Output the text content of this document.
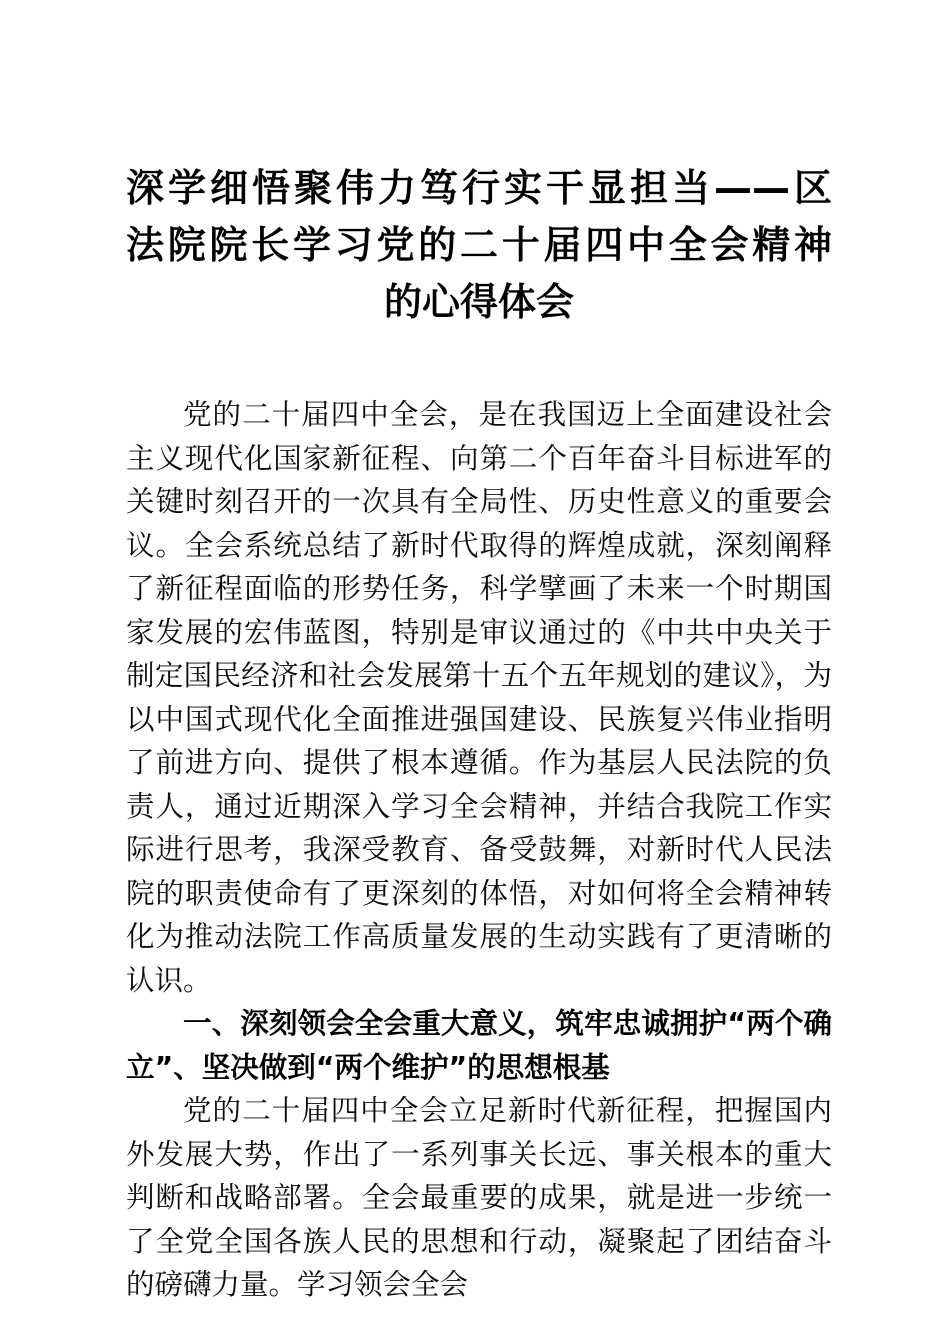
深学细悟聚伟力笃行实干显担当——区
法院院长学习党的二十届四中全会精神
的心得体会

党的二十届四中全会，是在我国迈上全面建设社会主义现代化国家新征程、向第二个百年奋斗目标进军的关键时刻召开的一次具有全局性、历史性意义的重要会议。全会系统总结了新时代取得的辉煌成就，深刻阐释了新征程面临的形势任务，科学擘画了未来一个时期国家发展的宏伟蓝图，特别是审议通过的《中共中央关于制定国民经济和社会发展第十五个五年规划的建议》，为以中国式现代化全面推进强国建设、民族复兴伟业指明了前进方向、提供了根本遵循。作为基层人民法院的负责人，通过近期深入学习全会精神，并结合我院工作实际进行思考，我深受教育、备受鼓舞，对新时代人民法院的职责使命有了更深刻的体悟，对如何将全会精神转化为推动法院工作高质量发展的生动实践有了更清晰的认识。

一、深刻领会全会重大意义，筑牢忠诚拥护“两个确立”、坚决做到“两个维护”的思想根基

党的二十届四中全会立足新时代新征程，把握国内外发展大势，作出了一系列事关长远、事关根本的重大判断和战略部署。全会最重要的成果，就是进一步统一了全党全国各族人民的思想和行动，凝聚起了团结奋斗的磅礴力量。学习领会全会
